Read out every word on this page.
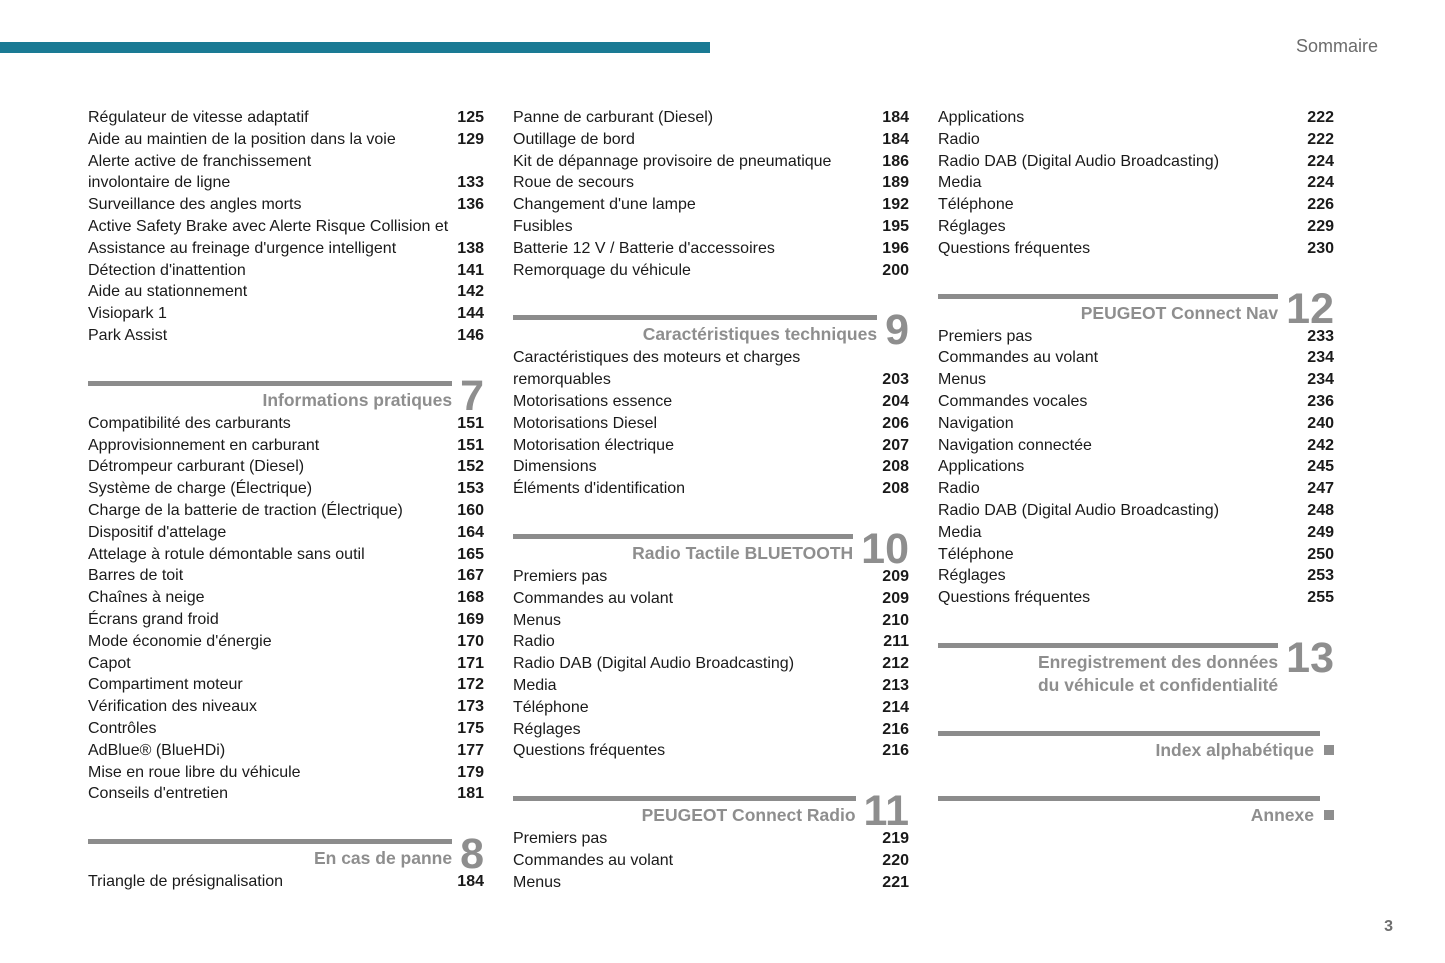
Sommaire
Régulateur de vitesse adaptatif	125
Aide au maintien de la position dans la voie	129
Alerte active de franchissement
involontaire de ligne	133
Surveillance des angles morts	136
Active Safety Brake avec Alerte Risque Collision et
Assistance au freinage d'urgence intelligent	138
Détection d'inattention	141
Aide au stationnement	142
Visiopark 1	144
Park Assist	146
Informations pratiques 7
Compatibilité des carburants	151
Approvisionnement en carburant	151
Détrompeur carburant (Diesel)	152
Système de charge (Électrique)	153
Charge de la batterie de traction (Électrique)	160
Dispositif d'attelage	164
Attelage à rotule démontable sans outil	165
Barres de toit	167
Chaînes à neige	168
Écrans grand froid	169
Mode économie d'énergie	170
Capot	171
Compartiment moteur	172
Vérification des niveaux	173
Contrôles	175
AdBlue® (BlueHDi)	177
Mise en roue libre du véhicule	179
Conseils d'entretien	181
En cas de panne 8
Triangle de présignalisation	184
Panne de carburant (Diesel)	184
Outillage de bord	184
Kit de dépannage provisoire de pneumatique	186
Roue de secours	189
Changement d'une lampe	192
Fusibles	195
Batterie 12 V / Batterie d'accessoires	196
Remorquage du véhicule	200
Caractéristiques techniques 9
Caractéristiques des moteurs et charges
remorquables	203
Motorisations essence	204
Motorisations Diesel	206
Motorisation électrique	207
Dimensions	208
Éléments d'identification	208
Radio Tactile BLUETOOTH 10
Premiers pas	209
Commandes au volant	209
Menus	210
Radio	211
Radio DAB (Digital Audio Broadcasting)	212
Media	213
Téléphone	214
Réglages	216
Questions fréquentes	216
PEUGEOT Connect Radio 11
Premiers pas	219
Commandes au volant	220
Menus	221
Applications	222
Radio	222
Radio DAB (Digital Audio Broadcasting)	224
Media	224
Téléphone	226
Réglages	229
Questions fréquentes	230
PEUGEOT Connect Nav 12
Premiers pas	233
Commandes au volant	234
Menus	234
Commandes vocales	236
Navigation	240
Navigation connectée	242
Applications	245
Radio	247
Radio DAB (Digital Audio Broadcasting)	248
Media	249
Téléphone	250
Réglages	253
Questions fréquentes	255
Enregistrement des données
du véhicule et confidentialité
13
Index alphabétique
Annexe
3
